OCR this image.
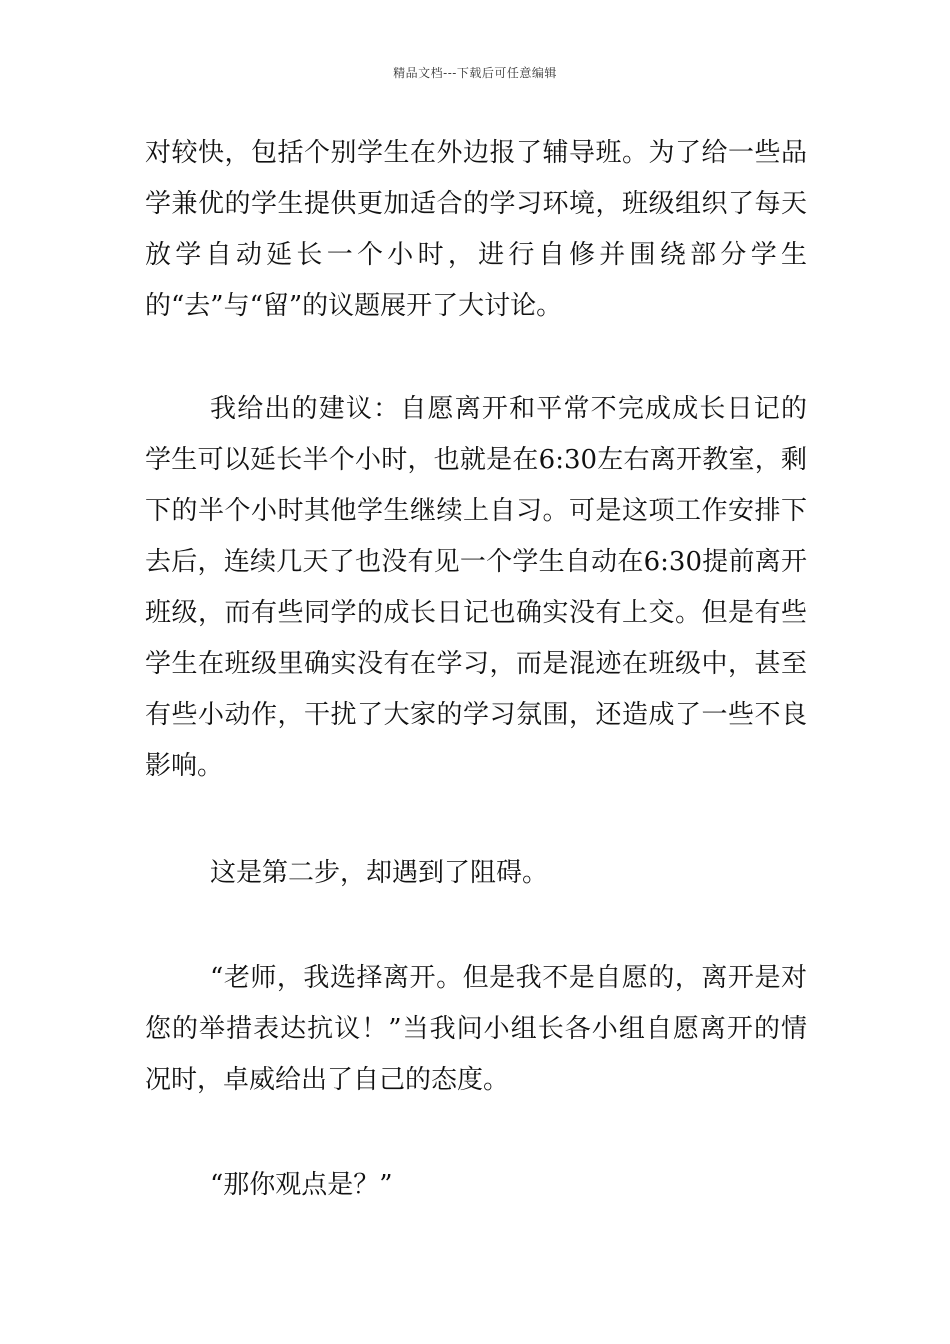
精品文档---下载后可任意编辑

对较快，包括个别学生在外边报了辅导班。为了给一些品学兼优的学生提供更加适合的学习环境，班级组织了每天放学自动延长一个小时，进行自修并围绕部分学生的“去”与“留”的议题展开了大讨论。

我给出的建议：自愿离开和平常不完成成长日记的学生可以延长半个小时，也就是在6:30左右离开教室，剩下的半个小时其他学生继续上自习。可是这项工作安排下去后，连续几天了也没有见一个学生自动在6:30提前离开班级，而有些同学的成长日记也确实没有上交。但是有些学生在班级里确实没有在学习，而是混迹在班级中，甚至有些小动作，干扰了大家的学习氛围，还造成了一些不良影响。

这是第二步，却遇到了阻碍。

“老师，我选择离开。但是我不是自愿的，离开是对您的举措表达抗议！”当我问小组长各小组自愿离开的情况时，卓威给出了自己的态度。

“那你观点是？”
